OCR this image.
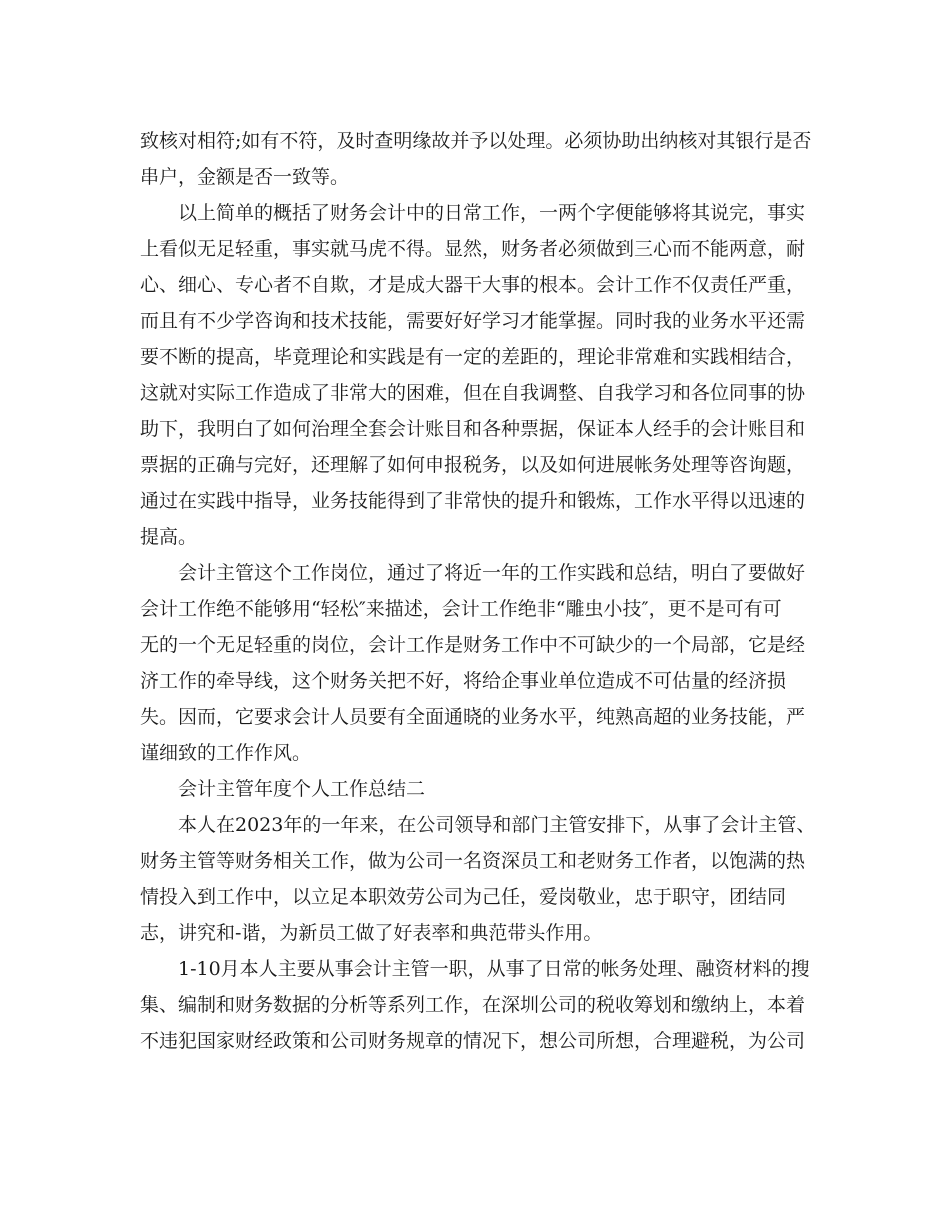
致核对相符;如有不符，及时查明缘故并予以处理。必须协助出纳核对其银行是否

串户，金额是否一致等。

　　以上简单的概括了财务会计中的日常工作，一两个字便能够将其说完，事实

上看似无足轻重，事实就马虎不得。显然，财务者必须做到三心而不能两意，耐

心、细心、专心者不自欺，才是成大器干大事的根本。会计工作不仅责任严重，

而且有不少学咨询和技术技能，需要好好学习才能掌握。同时我的业务水平还需

要不断的提高，毕竟理论和实践是有一定的差距的，理论非常难和实践相结合，

这就对实际工作造成了非常大的困难，但在自我调整、自我学习和各位同事的协

助下，我明白了如何治理全套会计账目和各种票据，保证本人经手的会计账目和

票据的正确与完好，还理解了如何申报税务，以及如何进展帐务处理等咨询题，

通过在实践中指导，业务技能得到了非常快的提升和锻炼，工作水平得以迅速的

提高。

　　会计主管这个工作岗位，通过了将近一年的工作实践和总结，明白了要做好

会计工作绝不能够用“轻松″来描述，会计工作绝非“雕虫小技″，更不是可有可

无的一个无足轻重的岗位，会计工作是财务工作中不可缺少的一个局部，它是经

济工作的牵导线，这个财务关把不好，将给企事业单位造成不可估量的经济损

失。因而，它要求会计人员要有全面通晓的业务水平，纯熟高超的业务技能，严

谨细致的工作作风。

　　会计主管年度个人工作总结二

　　本人在2023年的一年来，在公司领导和部门主管安排下，从事了会计主管、

财务主管等财务相关工作，做为公司一名资深员工和老财务工作者，以饱满的热

情投入到工作中，以立足本职效劳公司为己任，爱岗敬业，忠于职守，团结同

志，讲究和-谐，为新员工做了好表率和典范带头作用。

　　1-10月本人主要从事会计主管一职，从事了日常的帐务处理、融资材料的搜

集、编制和财务数据的分析等系列工作，在深圳公司的税收筹划和缴纳上，本着

不违犯国家财经政策和公司财务规章的情况下，想公司所想，合理避税，为公司
